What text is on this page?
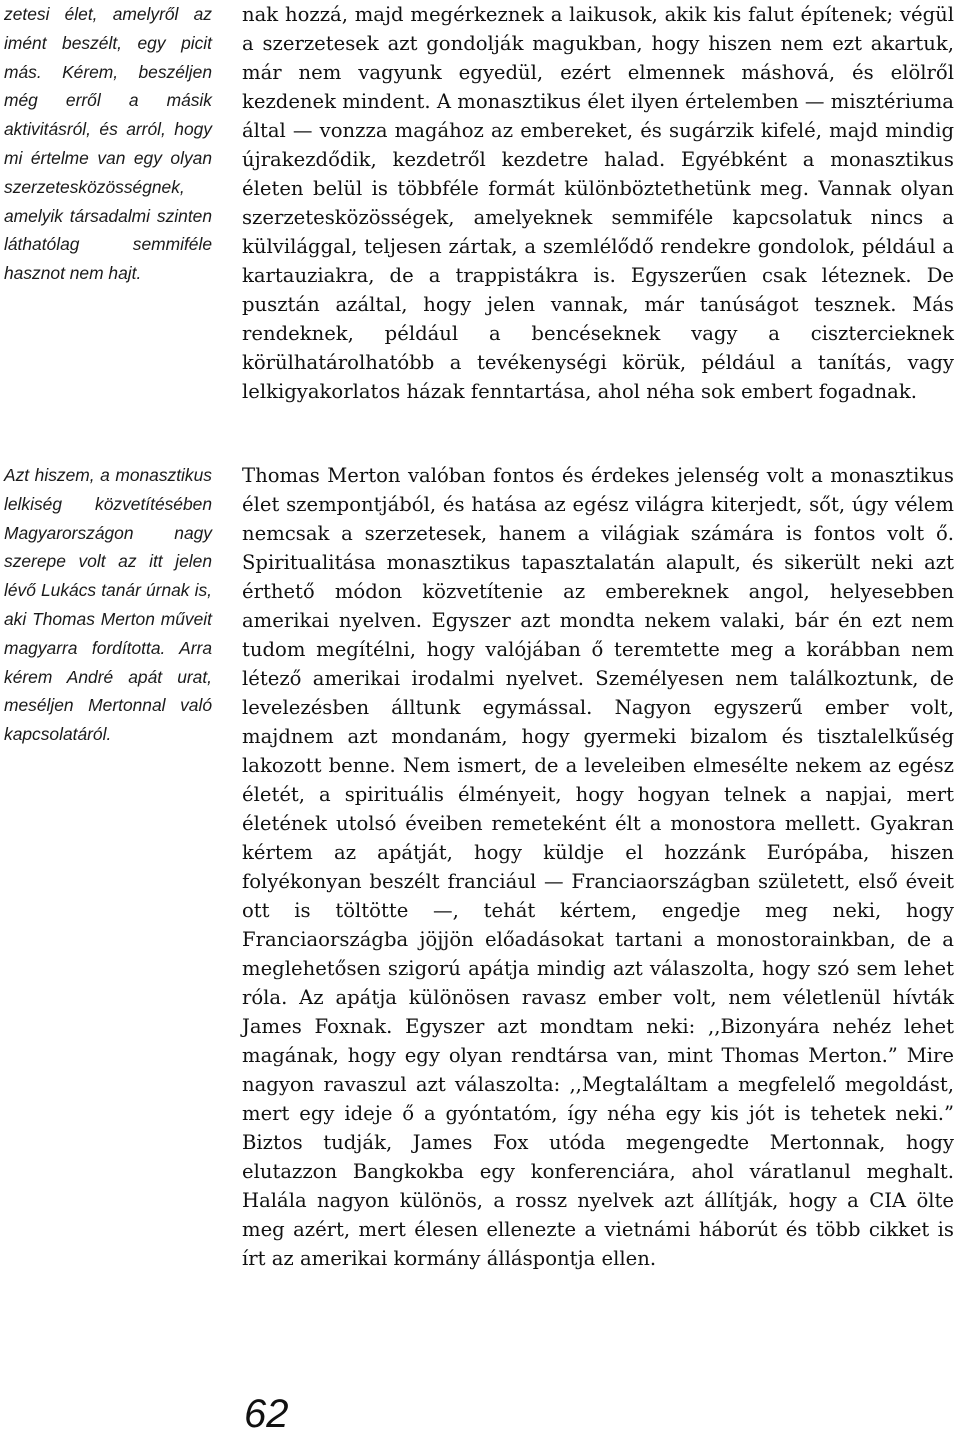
zetesi élet, amelyről az imént beszélt, egy picit más. Kérem, beszéljen még erről a másik aktivitásról, és arról, hogy mi értelme van egy olyan szerzetesközösségnek, amelyik társadalmi szinten láthatólag semmiféle hasznot nem hajt.

Azt hiszem, a monasztikus lelkiség közvetítésében Magyarországon nagy szerepe volt az itt jelen lévő Lukács tanár úrnak is, aki Thomas Merton műveit magyarra fordította. Arra kérem André apát urat, meséljen Mertonnal való kapcsolatáról.

nak hozzá, majd megérkeznek a laikusok, akik kis falut építenek; végül a szerzetesek azt gondolják magukban, hogy hiszen nem ezt akartuk, már nem vagyunk egyedül, ezért elmennek máshová, és elölről kezdenek mindent. A monasztikus élet ilyen értelemben — misztériuma által — vonzza magához az embereket, és sugárzik kifelé, majd mindig újrakezdődik, kezdetről kezdetre halad. Egyébként a monasztikus életen belül is többféle formát különböztethetünk meg. Vannak olyan szerzetesközösségek, amelyeknek semmiféle kapcsolatuk nincs a külvilággal, teljesen zártak, a szemlélődő rendekre gondolok, például a kartauziakra, de a trappistákra is. Egyszerűen csak léteznek. De pusztán azáltal, hogy jelen vannak, már tanúságot tesznek. Más rendeknek, például a bencéseknek vagy a cisztercieknek körülhatárolhatóbb a tevékenységi körük, például a tanítás, vagy lelkigyakorlatos házak fenntartása, ahol néha sok embert fogadnak.

Thomas Merton valóban fontos és érdekes jelenség volt a monasztikus élet szempontjából, és hatása az egész világra kiterjedt, sőt, úgy vélem nemcsak a szerzetesek, hanem a világiak számára is fontos volt ő. Spiritualitása monasztikus tapasztalatán alapult, és sikerült neki azt érthető módon közvetítenie az embereknek angol, helyesebben amerikai nyelven. Egyszer azt mondta nekem valaki, bár én ezt nem tudom megítélni, hogy valójában ő teremtette meg a korábban nem létező amerikai irodalmi nyelvet. Személyesen nem találkoztunk, de levelezésben álltunk egymással. Nagyon egyszerű ember volt, majdnem azt mondanám, hogy gyermeki bizalom és tisztalelkűség lakozott benne. Nem ismert, de a leveleiben elmesélte nekem az egész életét, a spirituális élményeit, hogy hogyan telnek a napjai, mert életének utolsó éveiben remeteként élt a monostora mellett. Gyakran kértem az apátját, hogy küldje el hozzánk Európába, hiszen folyékonyan beszélt franciául — Franciaországban született, első éveit ott is töltötte —, tehát kértem, engedje meg neki, hogy Franciaországba jöjjön előadásokat tartani a monostorainkban, de a meglehetősen szigorú apátja mindig azt válaszolta, hogy szó sem lehet róla. Az apátja különösen ravasz ember volt, nem véletlenül hívták James Foxnak. Egyszer azt mondtam neki: ,,Bizonyára nehéz lehet magának, hogy egy olyan rendtársa van, mint Thomas Merton.” Mire nagyon ravaszul azt válaszolta: ,,Megtaláltam a megfelelő megoldást, mert egy ideje ő a gyóntatóm, így néha egy kis jót is tehetek neki.” Biztos tudják, James Fox utóda megengedte Mertonnak, hogy elutazzon Bangkokba egy konferenciára, ahol váratlanul meghalt. Halála nagyon különös, a rossz nyelvek azt állítják, hogy a CIA ölte meg azért, mert élesen ellenezte a vietnámi háborút és több cikket is írt az amerikai kormány álláspontja ellen.

62
